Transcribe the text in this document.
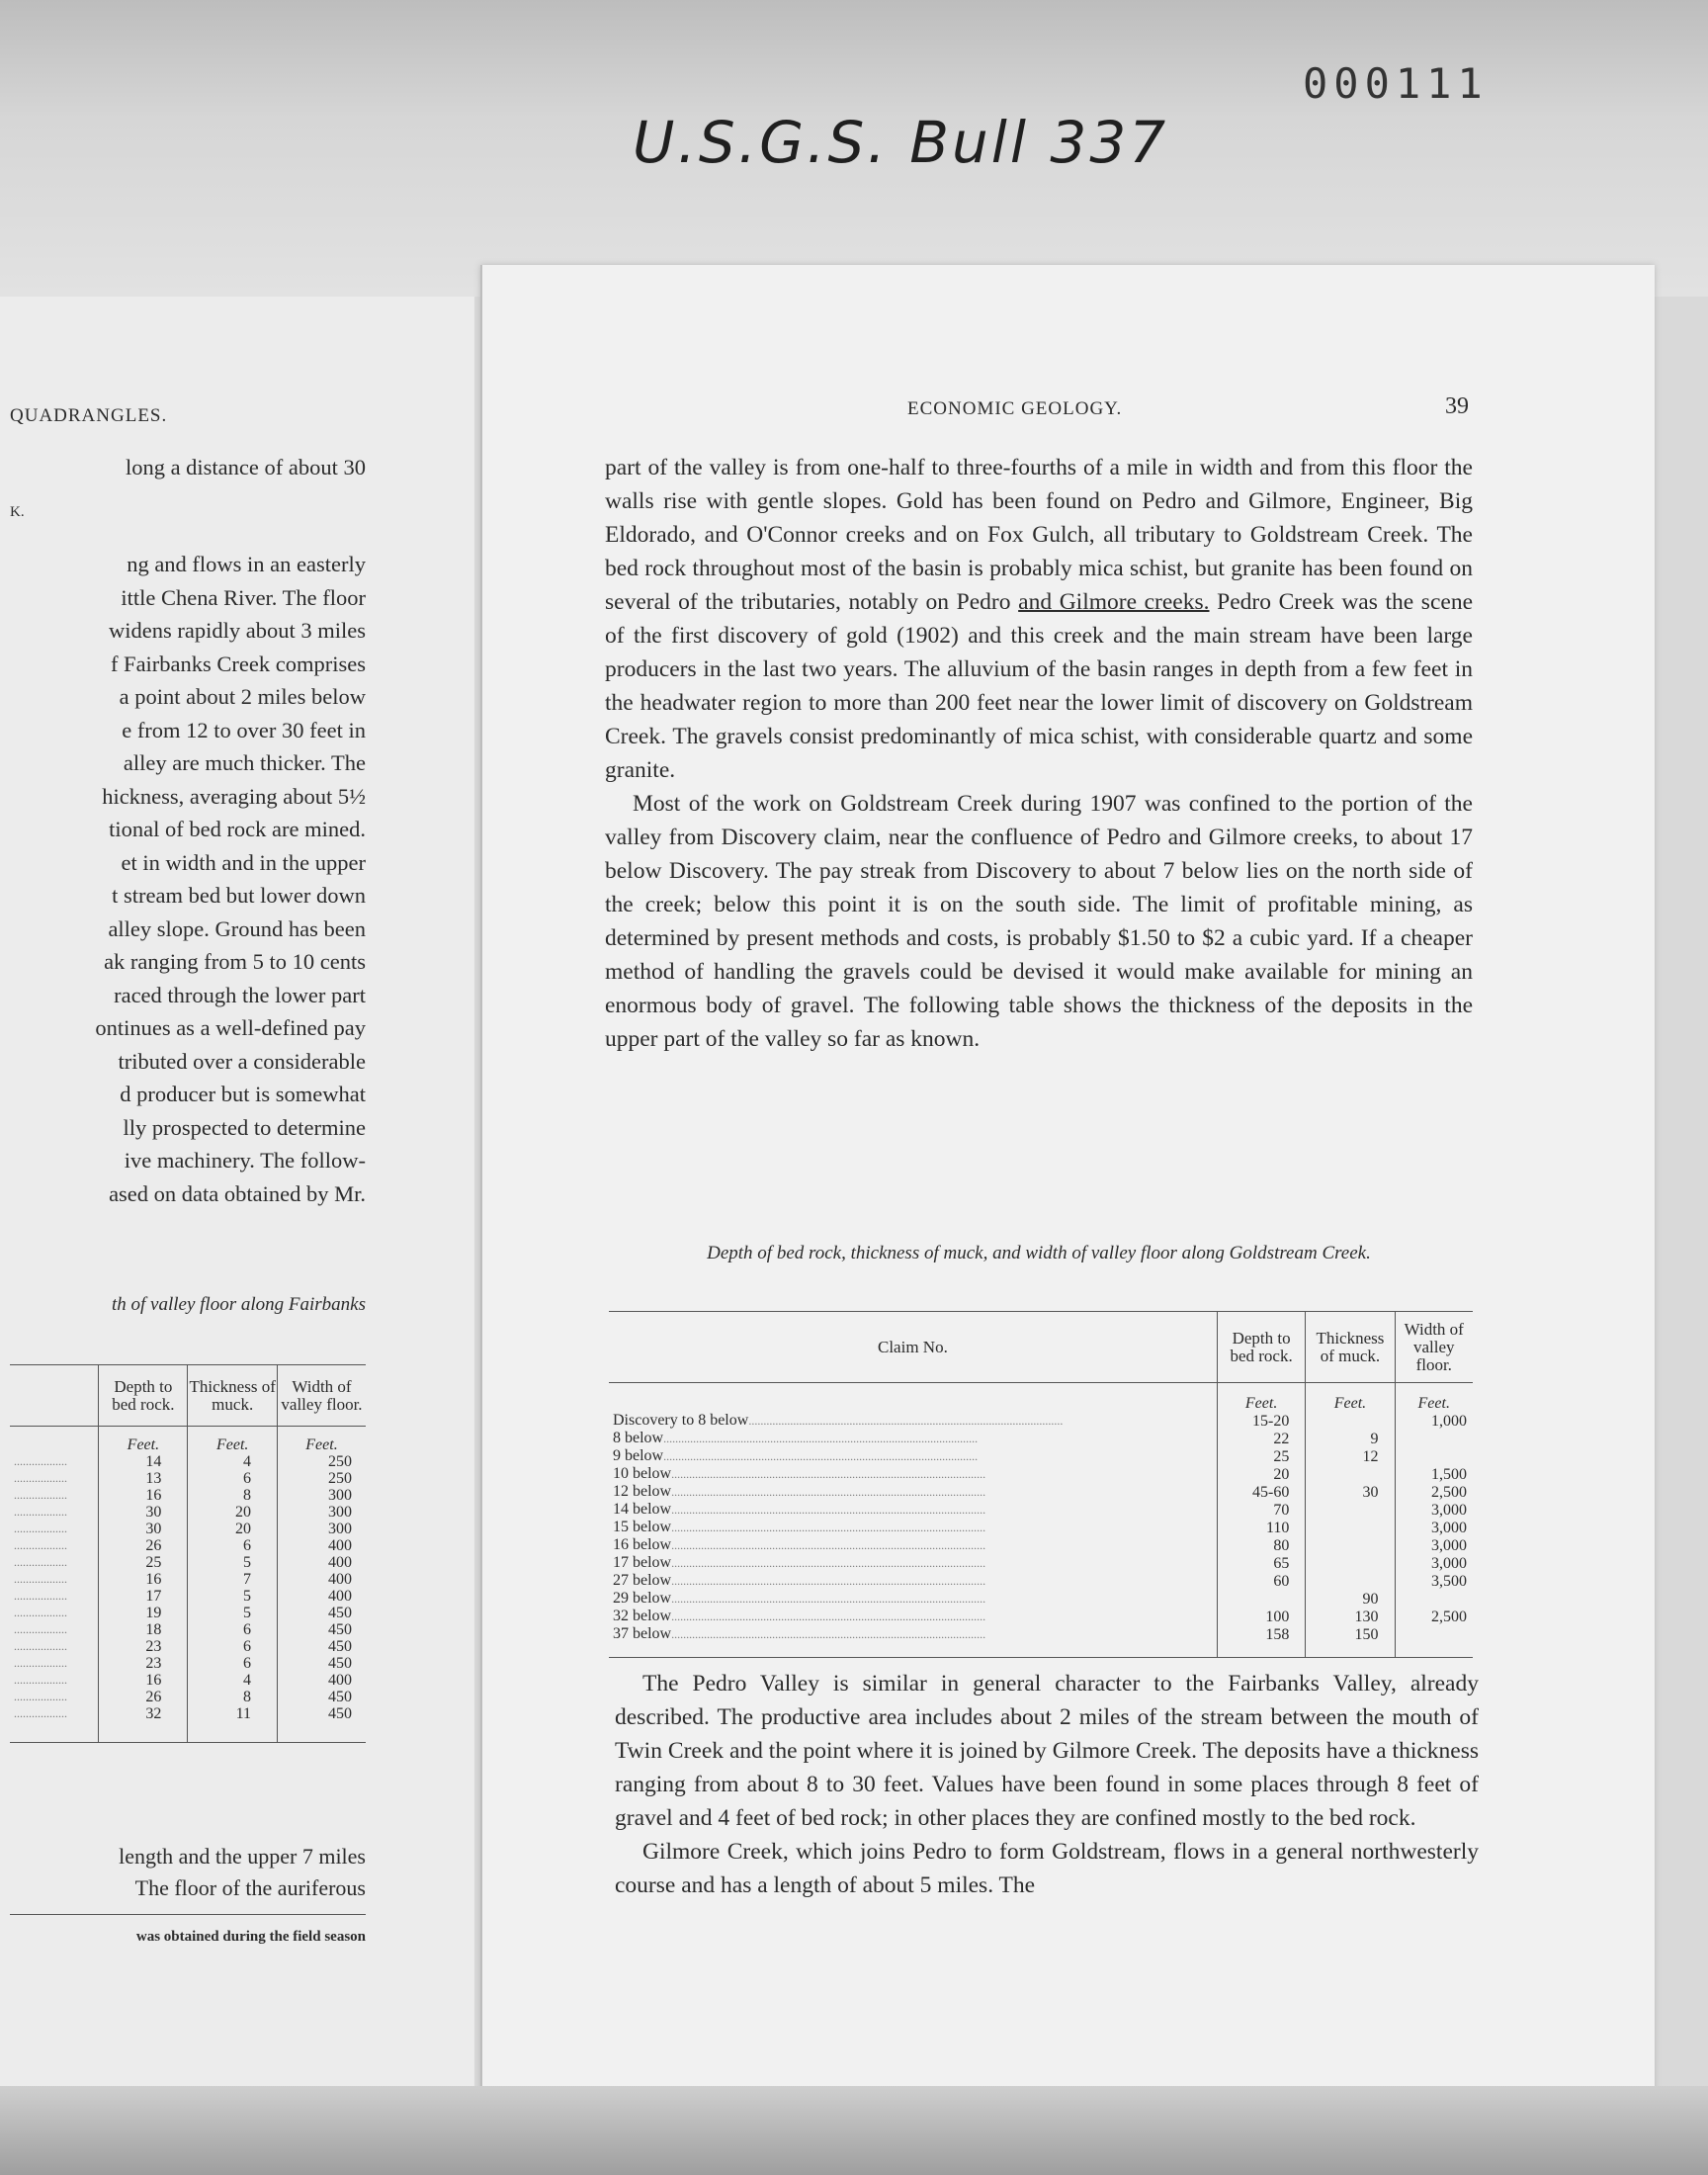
000111
U.S.G.S. Bull 337
QUADRANGLES.
long a distance of about 30
K.
ng and flows in an easterly
ittle Chena River. The floor
widens rapidly about 3 miles
f Fairbanks Creek comprises
a point about 2 miles below
e from 12 to over 30 feet in
alley are much thicker. The
hickness, averaging about 5½
tional of bed rock are mined.
et in width and in the upper
t stream bed but lower down
alley slope. Ground has been
ak ranging from 5 to 10 cents
raced through the lower part
ontinues as a well-defined pay
tributed over a considerable
d producer but is somewhat
lly prospected to determine
ive machinery. The follow-
ased on data obtained by Mr.
th of valley floor along Fairbanks
	Depth to bed rock.	Thickness of muck.	Width of valley floor.
	Feet.	Feet.	Feet.
..................	14	4	250
..................	13	6	250
..................	16	8	300
..................	30	20	300
..................	30	20	300
..................	26	6	400
..................	25	5	400
..................	16	7	400
..................	17	5	400
..................	19	5	450
..................	18	6	450
..................	23	6	450
..................	23	6	450
..................	16	4	400
..................	26	8	450
..................	32	11	450

ECONOMIC GEOLOGY.	39

part of the valley is from one-half to three-fourths of a mile in width and from this floor the walls rise with gentle slopes. Gold has been found on Pedro and Gilmore, Engineer, Big Eldorado, and O'Connor creeks and on Fox Gulch, all tributary to Goldstream Creek. The bed rock throughout most of the basin is probably mica schist, but granite has been found on several of the tributaries, notably on Pedro and Gilmore creeks. Pedro Creek was the scene of the first discovery of gold (1902) and this creek and the main stream have been large producers in the last two years. The alluvium of the basin ranges in depth from a few feet in the headwater region to more than 200 feet near the lower limit of discovery on Goldstream Creek. The gravels consist predominantly of mica schist, with considerable quartz and some granite.

Most of the work on Goldstream Creek during 1907 was confined to the portion of the valley from Discovery claim, near the confluence of Pedro and Gilmore creeks, to about 17 below Discovery. The pay streak from Discovery to about 7 below lies on the north side of the creek; below this point it is on the south side. The limit of profitable mining, as determined by present methods and costs, is probably $1.50 to $2 a cubic yard. If a cheaper method of handling the gravels could be devised it would make available for mining an enormous body of gravel. The following table shows the thickness of the deposits in the upper part of the valley so far as known.

Depth of bed rock, thickness of muck, and width of valley floor along Goldstream Creek.
Claim No.	Depth to bed rock.	Thickness of muck.	Width of valley floor.
	Feet.	Feet.	Feet.
Discovery to 8 below..........................................................................................................	15-20		1,000
8 below..........................................................................................................	22	9	
9 below..........................................................................................................	25	12	
10 below..........................................................................................................	20		1,500
12 below..........................................................................................................	45-60	30	2,500
14 below..........................................................................................................	70		3,000
15 below..........................................................................................................	110		3,000
16 below..........................................................................................................	80		3,000
17 below..........................................................................................................	65		3,000
27 below..........................................................................................................	60		3,500
29 below..........................................................................................................		90	
32 below..........................................................................................................	100	130	2,500
37 below..........................................................................................................	158	150	

The Pedro Valley is similar in general character to the Fairbanks Valley, already described. The productive area includes about 2 miles of the stream between the mouth of Twin Creek and the point where it is joined by Gilmore Creek. The deposits have a thickness ranging from about 8 to 30 feet. Values have been found in some places through 8 feet of gravel and 4 feet of bed rock; in other places they are confined mostly to the bed rock.

Gilmore Creek, which joins Pedro to form Goldstream, flows in a general northwesterly course and has a length of about 5 miles. The

length and the upper 7 miles
The floor of the auriferous
was obtained during the field season
